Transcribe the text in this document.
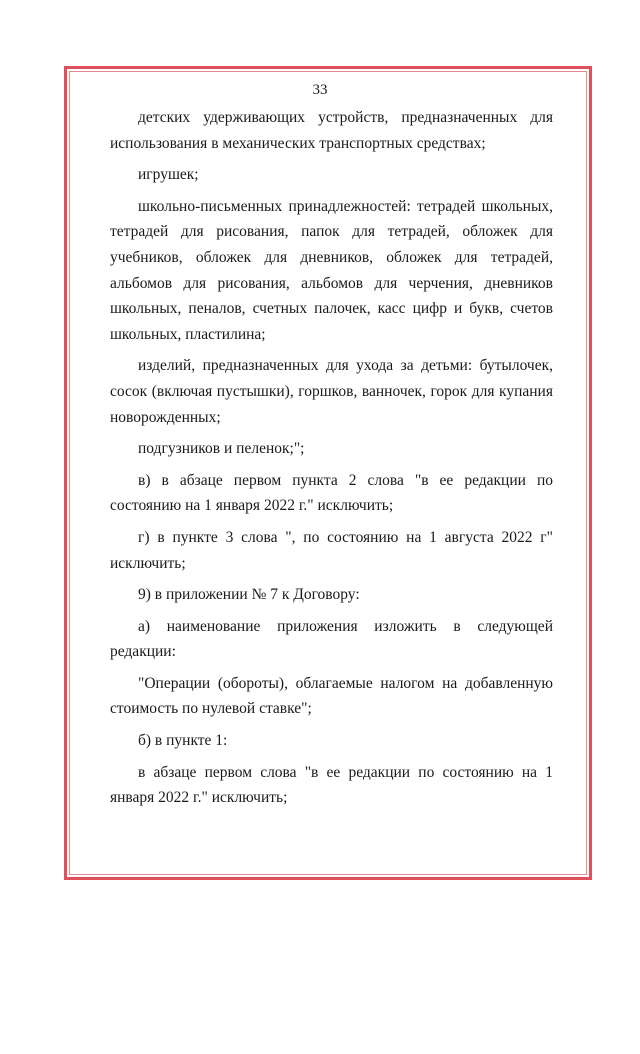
33

детских удерживающих устройств, предназначенных для использования в механических транспортных средствах;

игрушек;

школьно-письменных принадлежностей: тетрадей школьных, тетрадей для рисования, папок для тетрадей, обложек для учебников, обложек для дневников, обложек для тетрадей, альбомов для рисования, альбомов для черчения, дневников школьных, пеналов, счетных палочек, касс цифр и букв, счетов школьных, пластилина;

изделий, предназначенных для ухода за детьми: бутылочек, сосок (включая пустышки), горшков, ванночек, горок для купания новорожденных;

подгузников и пеленок;";

в) в абзаце первом пункта 2 слова "в ее редакции по состоянию на 1 января 2022 г." исключить;

г) в пункте 3 слова ", по состоянию на 1 августа 2022 г" исключить;

9) в приложении № 7 к Договору:

а) наименование приложения изложить в следующей редакции:

"Операции (обороты), облагаемые налогом на добавленную стоимость по нулевой ставке";

б) в пункте 1:

в абзаце первом слова "в ее редакции по состоянию на 1 января 2022 г." исключить;
